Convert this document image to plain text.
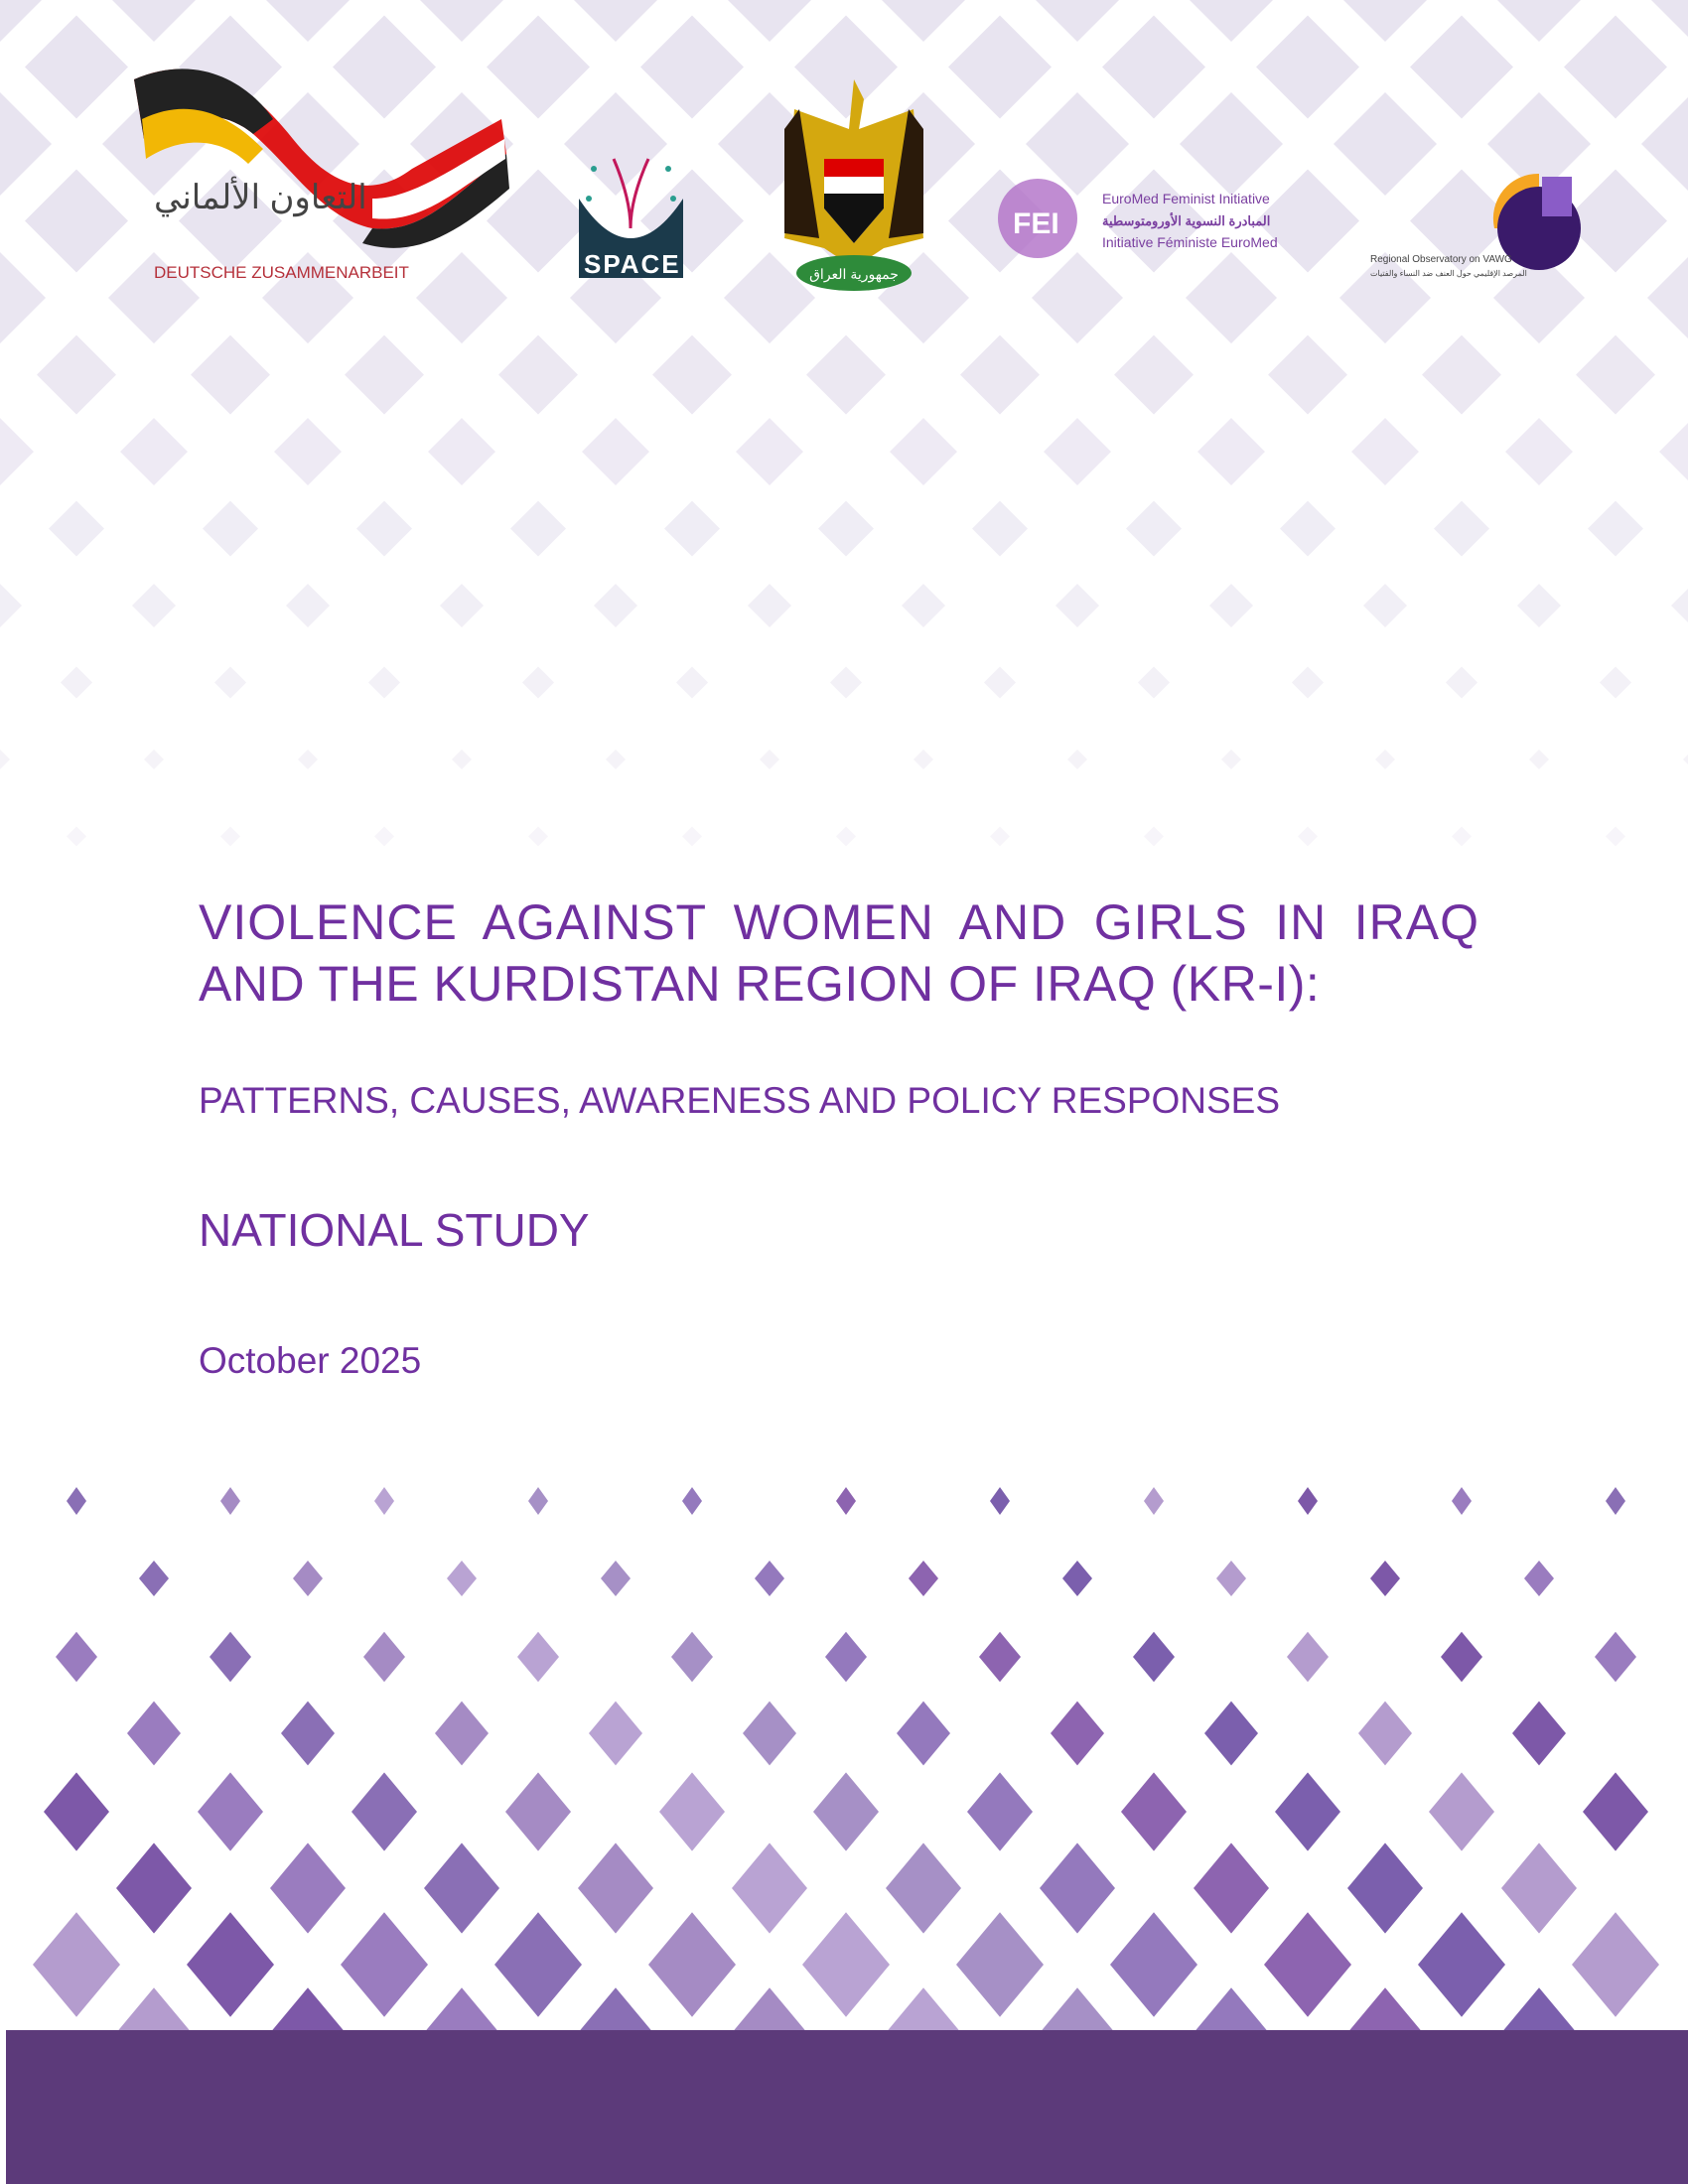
التعاون الألماني
DEUTSCHE ZUSAMMENARBEIT	SPACE	جمهورية العراق
FEI
EuroMed Feminist Initiative
المبادرة النسوية الأورومتوسطية
Initiative Féministe EuroMed
Regional Observatory on VAWG
المرصد الإقليمي حول العنف ضد النساء والفتيات
VIOLENCE AGAINST WOMEN AND GIRLS IN IRAQ
AND THE KURDISTAN REGION OF IRAQ (KR-I):
PATTERNS, CAUSES, AWARENESS AND POLICY RESPONSES
NATIONAL STUDY
October 2025
